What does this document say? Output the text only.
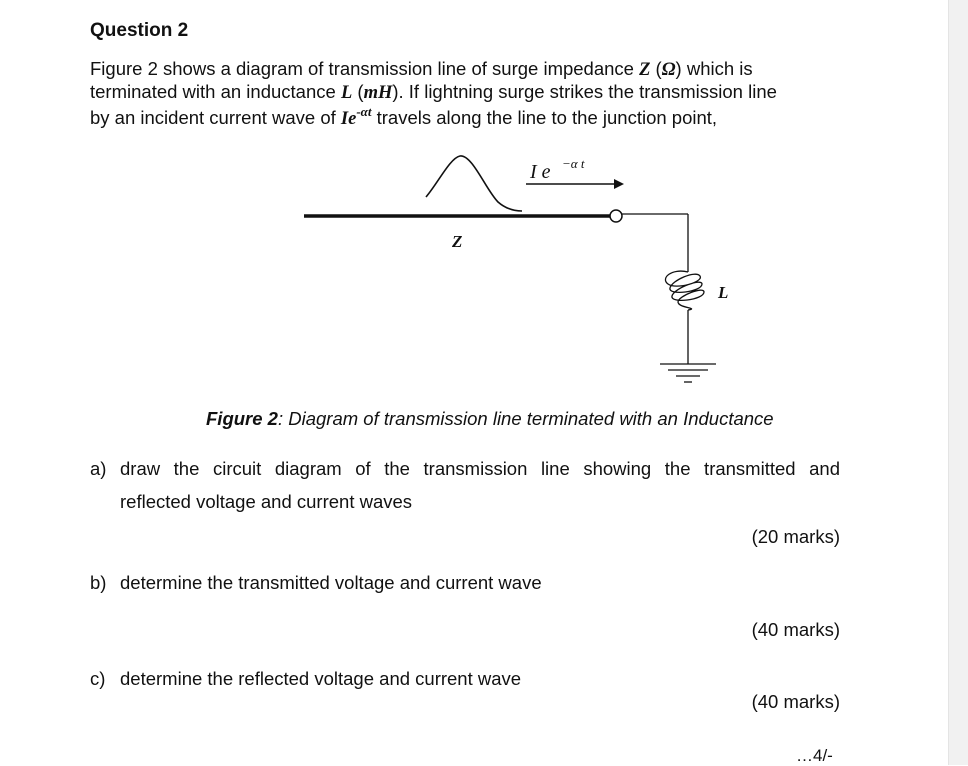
Question 2
Figure 2 shows a diagram of transmission line of surge impedance Z (Ω) which is
terminated with an inductance L (mH). If lightning surge strikes the transmission line
by an incident current wave of $Ie^{-\alpha t}$ travels along the line to the junction point,
I e −α t
Z
L
Figure 2: Diagram of transmission line terminated with an Inductance
a) draw the circuit diagram of the transmission line showing the transmitted and
reflected voltage and current waves
(20 marks)
b) determine the transmitted voltage and current wave
(40 marks)
c) determine the reflected voltage and current wave
(40 marks)
…4/-
